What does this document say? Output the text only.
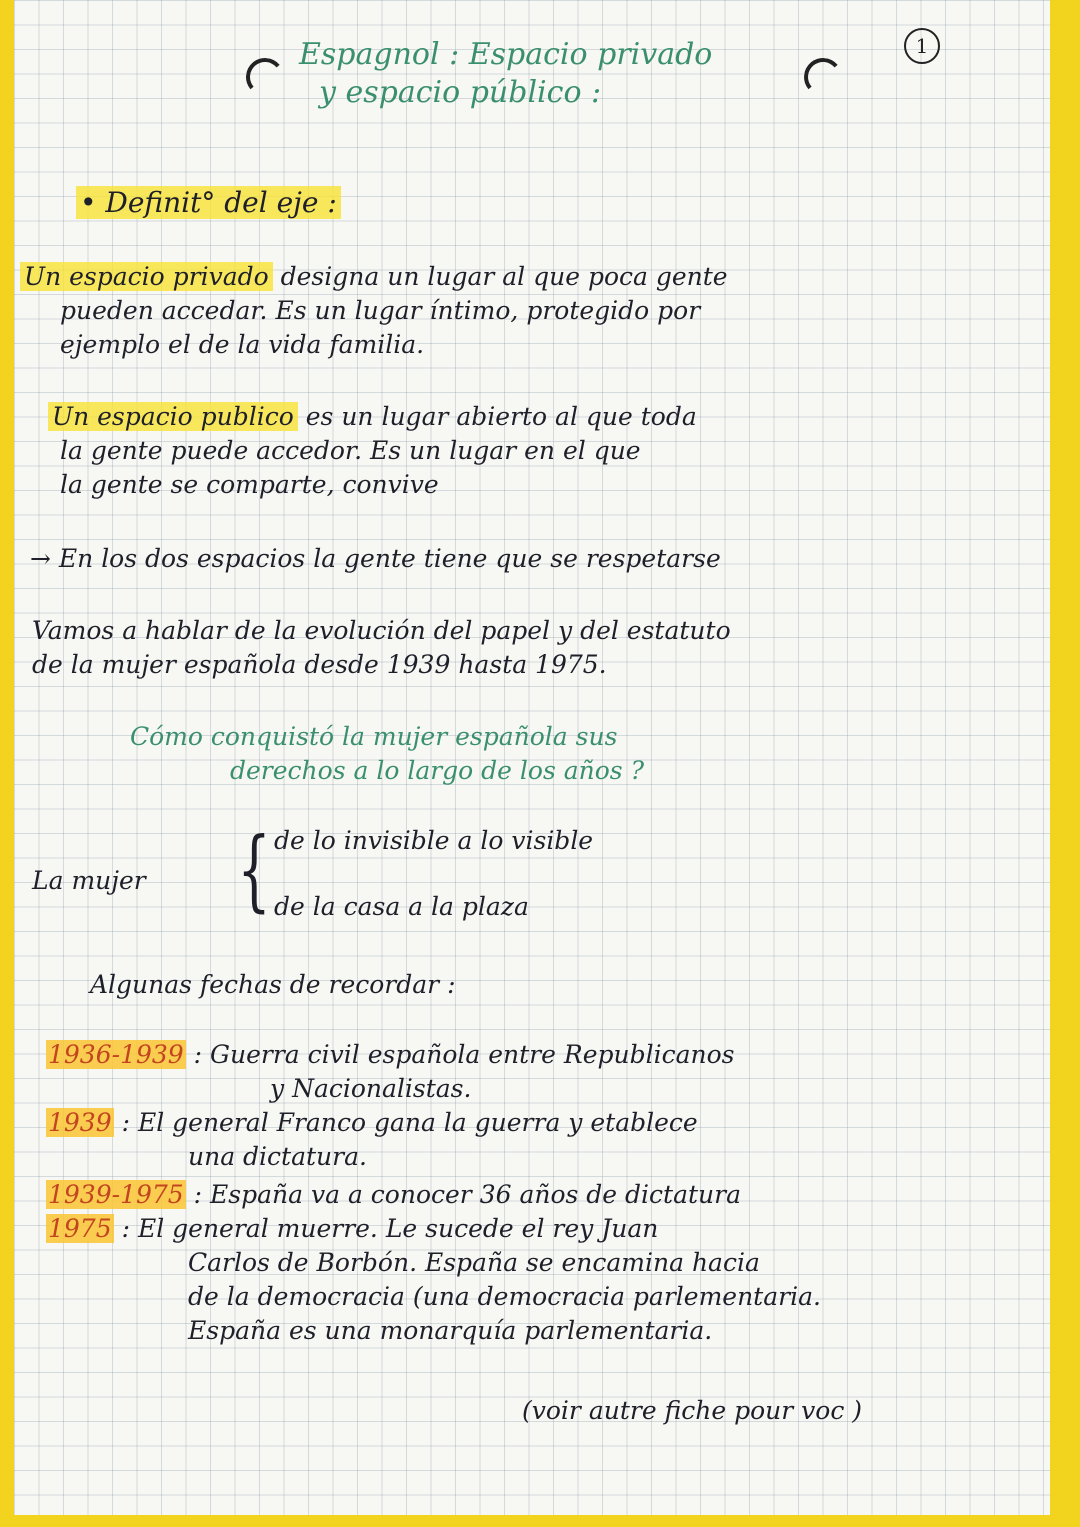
1
Espagnol : Espacio privado
y espacio público :
• Definit° del eje :
Un espacio privado designa un lugar al que poca gente
pueden accedar. Es un lugar íntimo, protegido por
ejemplo el de la vida familia.
Un espacio publico es un lugar abierto al que toda
la gente puede accedor. Es un lugar en el que
la gente se comparte, convive
→ En los dos espacios la gente tiene que se respetarse
Vamos a hablar de la evolución del papel y del estatuto
de la mujer española desde 1939 hasta 1975.
Cómo conquistó la mujer española sus
derechos a lo largo de los años ?
La mujer { de lo invisible a lo visible
de la casa a la plaza
Algunas fechas de recordar :
1936-1939 : Guerra civil española entre Republicanos
y Nacionalistas.
1939 : El general Franco gana la guerra y etablece
una dictatura.
1939-1975 : España va a conocer 36 años de dictatura
1975 : El general muerre. Le sucede el rey Juan
Carlos de Borbón. España se encamina hacia
de la democracia (una democracia parlementaria.
España es una monarquía parlementaria.
(voir autre fiche pour voc )
